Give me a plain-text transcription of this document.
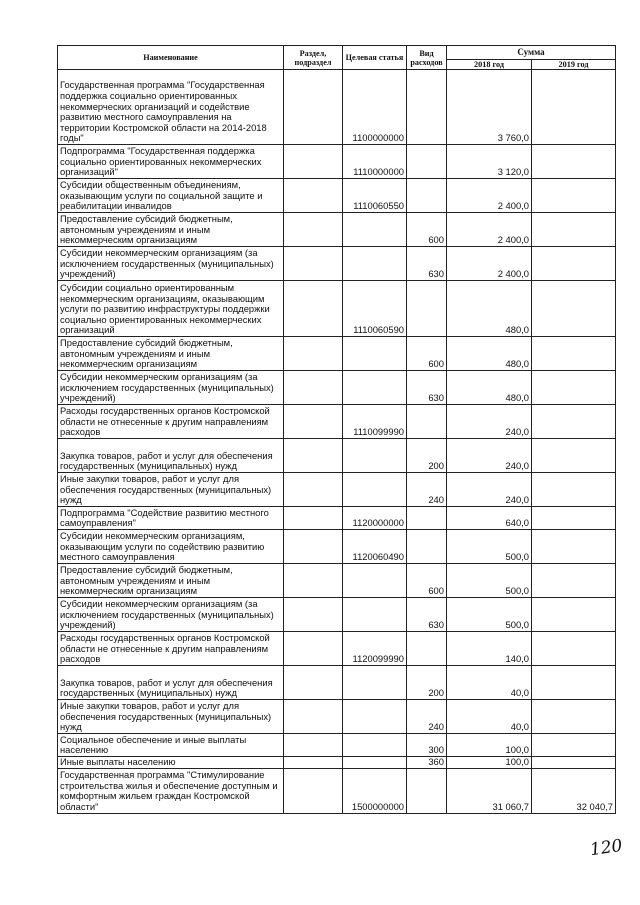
Наименование	Раздел, подраздел	Целевая статья	Вид расходов	Сумма	
				2018 год	2019 год
Государственная программа "Государственная поддержка социально ориентированных некоммерческих организаций и содействие развитию местного самоуправления на территории Костромской области на 2014-2018 годы"		1100000000		3 760,0	
Подпрограмма "Государственная поддержка социально ориентированных некоммерческих организаций"		1110000000		3 120,0	
Субсидии общественным объединениям, оказывающим услуги по социальной защите и реабилитации инвалидов		1110060550		2 400,0	
Предоставление субсидий бюджетным, автономным учреждениям и иным некоммерческим организациям			600	2 400,0	
Субсидии некоммерческим организациям (за исключением государственных (муниципальных) учреждений)			630	2 400,0	
Субсидии социально ориентированным некоммерческим организациям, оказывающим услуги по развитию инфраструктуры поддержки социально ориентированных некоммерческих организаций		1110060590		480,0	
Предоставление субсидий бюджетным, автономным учреждениям и иным некоммерческим организациям			600	480,0	
Субсидии некоммерческим организациям (за исключением государственных (муниципальных) учреждений)			630	480,0	
Расходы государственных органов Костромской области не отнесенные к другим направлениям расходов		1110099990		240,0	
Закупка товаров, работ и услуг для обеспечения государственных (муниципальных) нужд			200	240,0	
Иные закупки товаров, работ и услуг для обеспечения государственных (муниципальных) нужд			240	240,0	
Подпрограмма "Содействие развитию местного самоуправления"		1120000000		640,0	
Субсидии некоммерческим организациям, оказывающим услуги по содействию развитию местного самоуправления		1120060490		500,0	
Предоставление субсидий бюджетным, автономным учреждениям и иным некоммерческим организациям			600	500,0	
Субсидии некоммерческим организациям (за исключением государственных (муниципальных) учреждений)			630	500,0	
Расходы государственных органов Костромской области не отнесенные к другим направлениям расходов		1120099990		140,0	
Закупка товаров, работ и услуг для обеспечения государственных (муниципальных) нужд			200	40,0	
Иные закупки товаров, работ и услуг для обеспечения государственных (муниципальных) нужд			240	40,0	
Социальное обеспечение и иные выплаты населению			300	100,0	
Иные выплаты населению			360	100,0	
Государственная программа "Стимулирование строительства жилья и обеспечение доступным и комфортным жильем граждан Костромской области"		1500000000		31 060,7	32 040,7
120
